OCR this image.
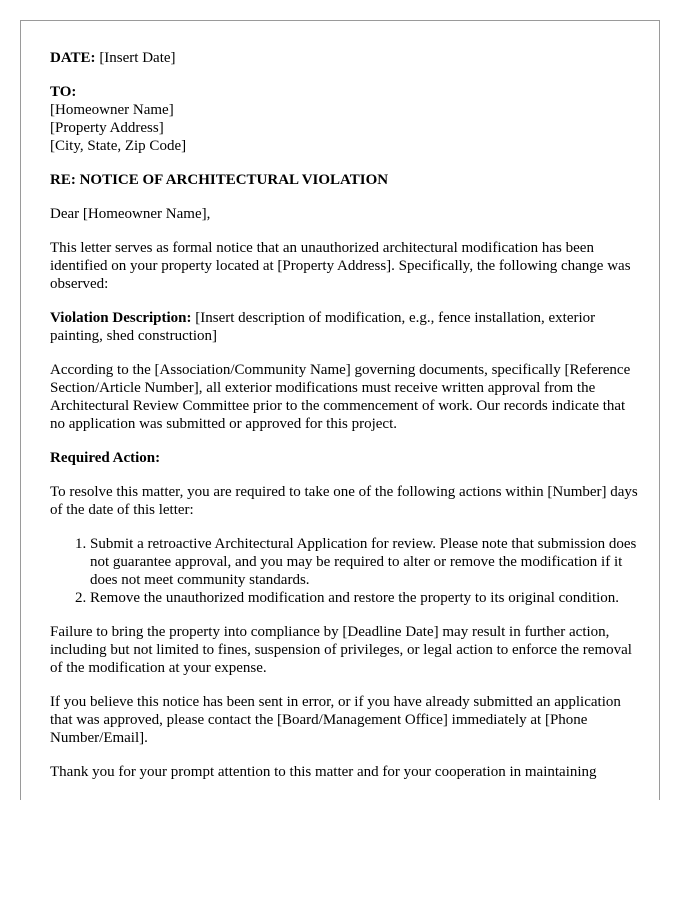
DATE: [Insert Date]

TO:

[Homeowner Name]

[Property Address]

[City, State, Zip Code]

RE: NOTICE OF ARCHITECTURAL VIOLATION

Dear [Homeowner Name],

This letter serves as formal notice that an unauthorized architectural modification has been identified on your property located at [Property Address]. Specifically, the following change was observed:

Violation Description: [Insert description of modification, e.g., fence installation, exterior painting, shed construction]

According to the [Association/Community Name] governing documents, specifically [Reference Section/Article Number], all exterior modifications must receive written approval from the Architectural Review Committee prior to the commencement of work. Our records indicate that no application was submitted or approved for this project.

Required Action:

To resolve this matter, you are required to take one of the following actions within [Number] days of the date of this letter:

1. Submit a retroactive Architectural Application for review. Please note that submission does not guarantee approval, and you may be required to alter or remove the modification if it does not meet community standards.
2. Remove the unauthorized modification and restore the property to its original condition.

Failure to bring the property into compliance by [Deadline Date] may result in further action, including but not limited to fines, suspension of privileges, or legal action to enforce the removal of the modification at your expense.

If you believe this notice has been sent in error, or if you have already submitted an application that was approved, please contact the [Board/Management Office] immediately at [Phone Number/Email].

Thank you for your prompt attention to this matter and for your cooperation in maintaining
